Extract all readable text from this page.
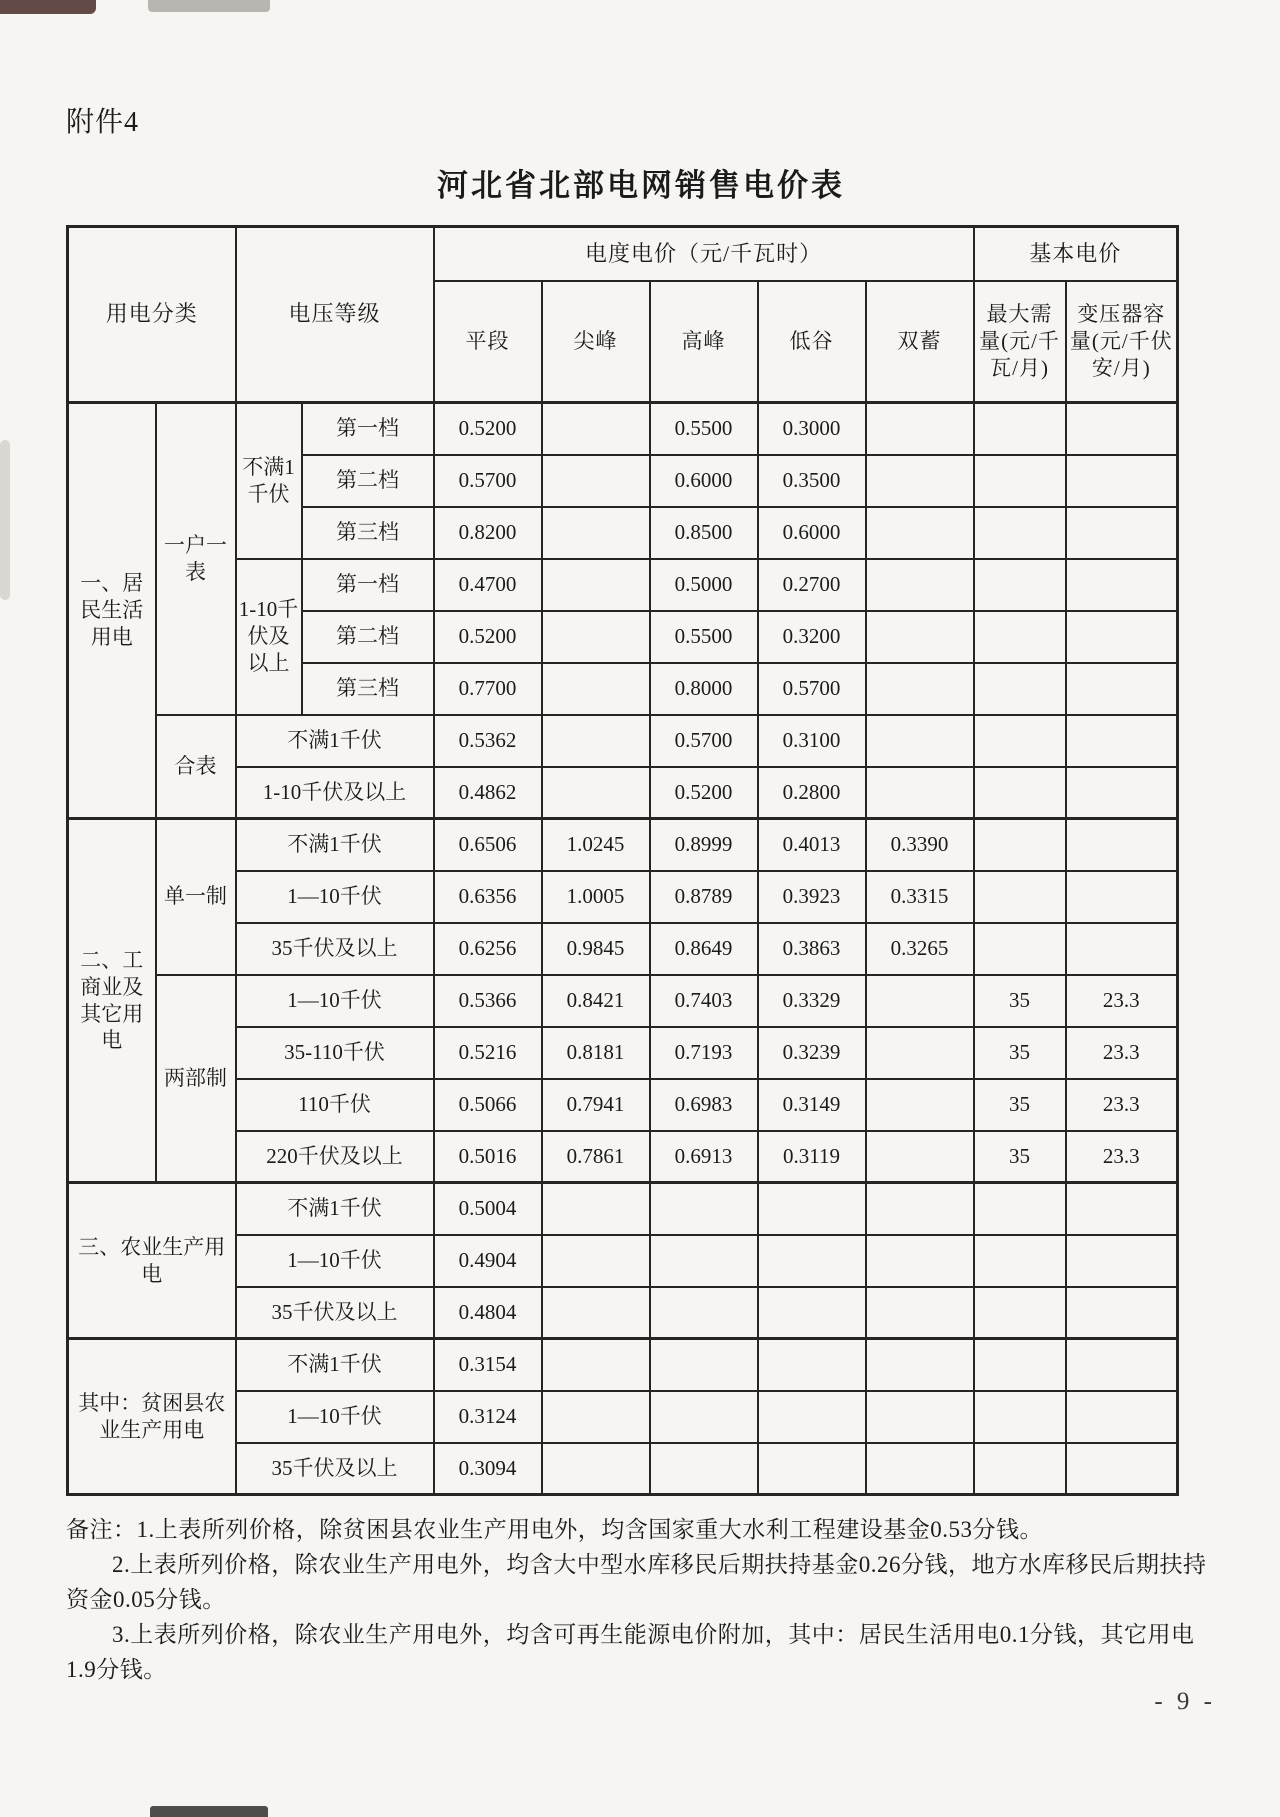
附件4
河北省北部电网销售电价表
用电分类		电压等级		电度电价（元/千瓦时）					基本电价	
				平段	尖峰	高峰	低谷	双蓄	最大需量(元/千瓦/月)	变压器容量(元/千伏安/月)
一、居民生活用电	一户一表	不满1千伏	第一档	0.5200		0.5500	0.3000			
			第二档	0.5700		0.6000	0.3500			
			第三档	0.8200		0.8500	0.6000			
		1-10千伏及以上	第一档	0.4700		0.5000	0.2700			
			第二档	0.5200		0.5500	0.3200			
			第三档	0.7700		0.8000	0.5700			
	合表	不满1千伏		0.5362		0.5700	0.3100			
		1-10千伏及以上		0.4862		0.5200	0.2800			
二、工商业及其它用电	单一制	不满1千伏		0.6506	1.0245	0.8999	0.4013	0.3390		
		1—10千伏		0.6356	1.0005	0.8789	0.3923	0.3315		
		35千伏及以上		0.6256	0.9845	0.8649	0.3863	0.3265		
	两部制	1—10千伏		0.5366	0.8421	0.7403	0.3329		35	23.3
		35-110千伏		0.5216	0.8181	0.7193	0.3239		35	23.3
		110千伏		0.5066	0.7941	0.6983	0.3149		35	23.3
		220千伏及以上		0.5016	0.7861	0.6913	0.3119		35	23.3
三、农业生产用电		不满1千伏		0.5004						
		1—10千伏		0.4904						
		35千伏及以上		0.4804						
其中：贫困县农业生产用电		不满1千伏		0.3154						
		1—10千伏		0.3124						
		35千伏及以上		0.3094						

备注：1.上表所列价格，除贫困县农业生产用电外，均含国家重大水利工程建设基金0.53分钱。

2.上表所列价格，除农业生产用电外，均含大中型水库移民后期扶持基金0.26分钱，地方水库移民后期扶持资金0.05分钱。

3.上表所列价格，除农业生产用电外，均含可再生能源电价附加，其中：居民生活用电0.1分钱，其它用电1.9分钱。

- 9 -
